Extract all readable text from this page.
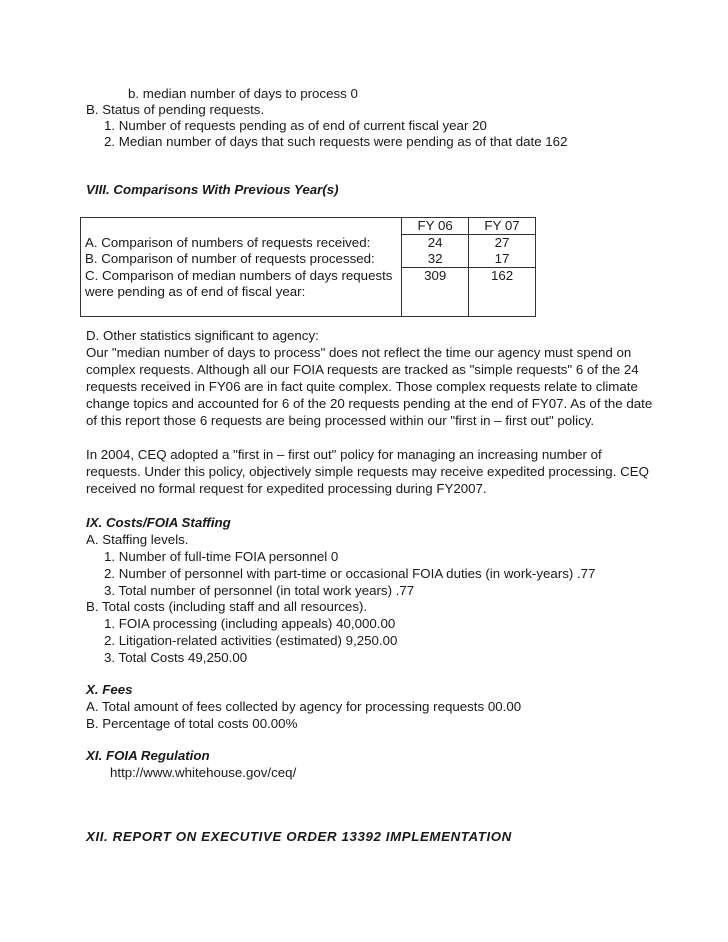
b. median number of days to process 0
B. Status of pending requests.
1. Number of requests pending as of end of current fiscal year 20
2. Median number of days that such requests were pending as of that date 162
VIII. Comparisons With Previous Year(s)
	FY 06	FY 07
A. Comparison of numbers of requests received:	24	27
B. Comparison of number of requests processed:	32	17

C. Comparison of median numbers of days requests
were pending as of end of fiscal year:	309	162
D. Other statistics significant to agency:
Our "median number of days to process" does not reflect the time our agency must spend on
complex requests. Although all our FOIA requests are tracked as "simple requests" 6 of the 24
requests received in FY06 are in fact quite complex. Those complex requests relate to climate
change topics and accounted for 6 of the 20 requests pending at the end of FY07. As of the date
of this report those 6 requests are being processed within our "first in – first out" policy.
In 2004, CEQ adopted a "first in – first out" policy for managing an increasing number of
requests. Under this policy, objectively simple requests may receive expedited processing. CEQ
received no formal request for expedited processing during FY2007.
IX. Costs/FOIA Staffing
A. Staffing levels.
1. Number of full-time FOIA personnel 0
2. Number of personnel with part-time or occasional FOIA duties (in work-years) .77
3. Total number of personnel (in total work years) .77
B. Total costs (including staff and all resources).
1. FOIA processing (including appeals) 40,000.00
2. Litigation-related activities (estimated) 9,250.00
3. Total Costs 49,250.00
X. Fees
A. Total amount of fees collected by agency for processing requests 00.00
B. Percentage of total costs 00.00%
XI. FOIA Regulation
http://www.whitehouse.gov/ceq/
XII. REPORT ON EXECUTIVE ORDER 13392 IMPLEMENTATION
